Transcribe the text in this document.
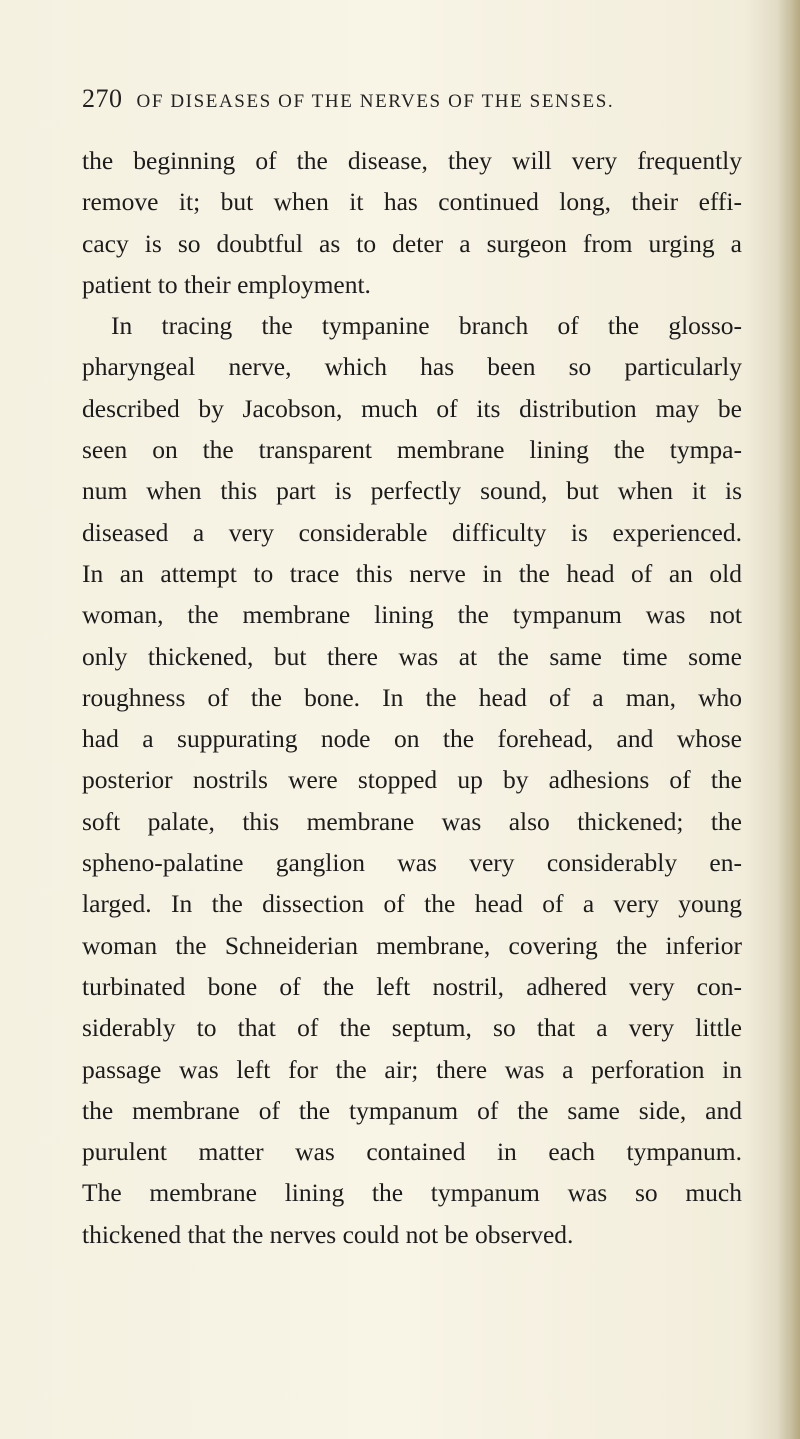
270 OF DISEASES OF THE NERVES OF THE SENSES.
the beginning of the disease, they will very frequently
remove it; but when it has continued long, their effi-
cacy is so doubtful as to deter a surgeon from urging a
patient to their employment.
In tracing the tympanine branch of the glosso-
pharyngeal nerve, which has been so particularly
described by Jacobson, much of its distribution may be
seen on the transparent membrane lining the tympa-
num when this part is perfectly sound, but when it is
diseased a very considerable difficulty is experienced.
In an attempt to trace this nerve in the head of an old
woman, the membrane lining the tympanum was not
only thickened, but there was at the same time some
roughness of the bone. In the head of a man, who
had a suppurating node on the forehead, and whose
posterior nostrils were stopped up by adhesions of the
soft palate, this membrane was also thickened; the
spheno-palatine ganglion was very considerably en-
larged. In the dissection of the head of a very young
woman the Schneiderian membrane, covering the inferior
turbinated bone of the left nostril, adhered very con-
siderably to that of the septum, so that a very little
passage was left for the air; there was a perforation in
the membrane of the tympanum of the same side, and
purulent matter was contained in each tympanum.
The membrane lining the tympanum was so much
thickened that the nerves could not be observed.
